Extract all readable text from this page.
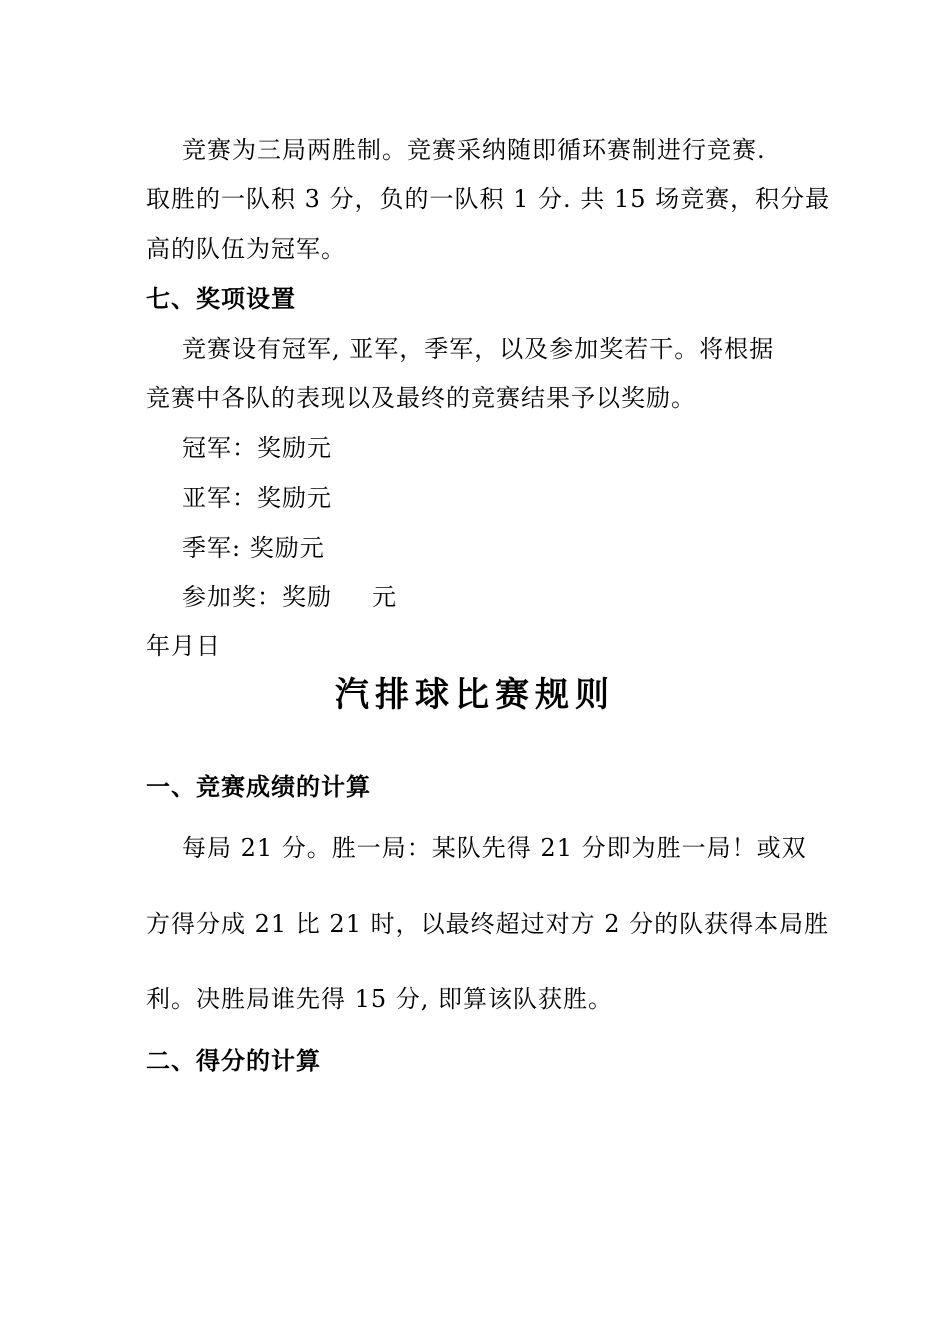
竞赛为三局两胜制。竞赛采纳随即循环赛制进行竞赛.
取胜的一队积 3 分，负的一队积 1 分. 共 15 场竞赛，积分最
高的队伍为冠军。
七、奖项设置
竞赛设有冠军, 亚军，季军，以及参加奖若干。将根据
竞赛中各队的表现以及最终的竞赛结果予以奖励。
冠军：奖励元
亚军：奖励元
季军: 奖励元
参加奖：奖励 元
年月日
汽排球比赛规则
一、竞赛成绩的计算
每局 21 分。胜一局：某队先得 21 分即为胜一局！或双
方得分成 21 比 21 时，以最终超过对方 2 分的队获得本局胜
利。决胜局谁先得 15 分, 即算该队获胜。
二、得分的计算
